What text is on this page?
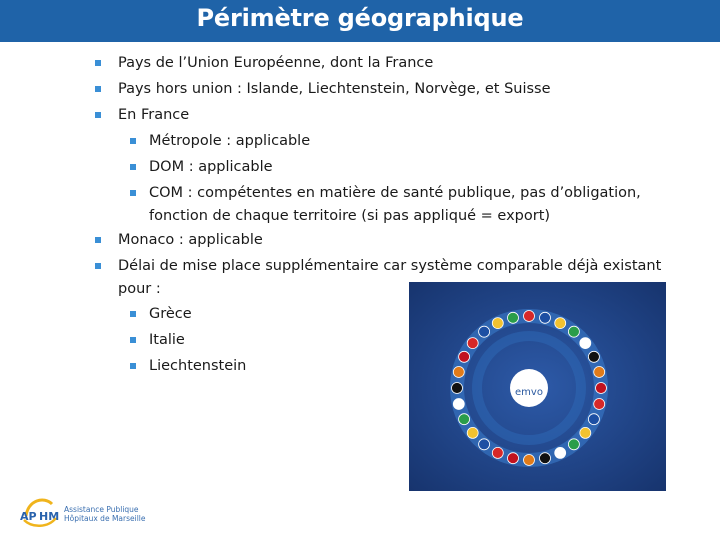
Périmètre géographique
Pays de l’Union Européenne, dont la France
Pays hors union : Islande, Liechtenstein, Norvège, et Suisse
En France
Métropole : applicable
DOM : applicable
COM : compétentes en matière de santé publique, pas d’obligation,
fonction de chaque territoire (si pas appliqué = export)
Monaco : applicable
Délai de mise place supplémentaire car système comparable déjà existant
pour :
Grèce
Italie
Liechtenstein
emvo
AP HM
Assistance Publique
Hôpitaux de Marseille
